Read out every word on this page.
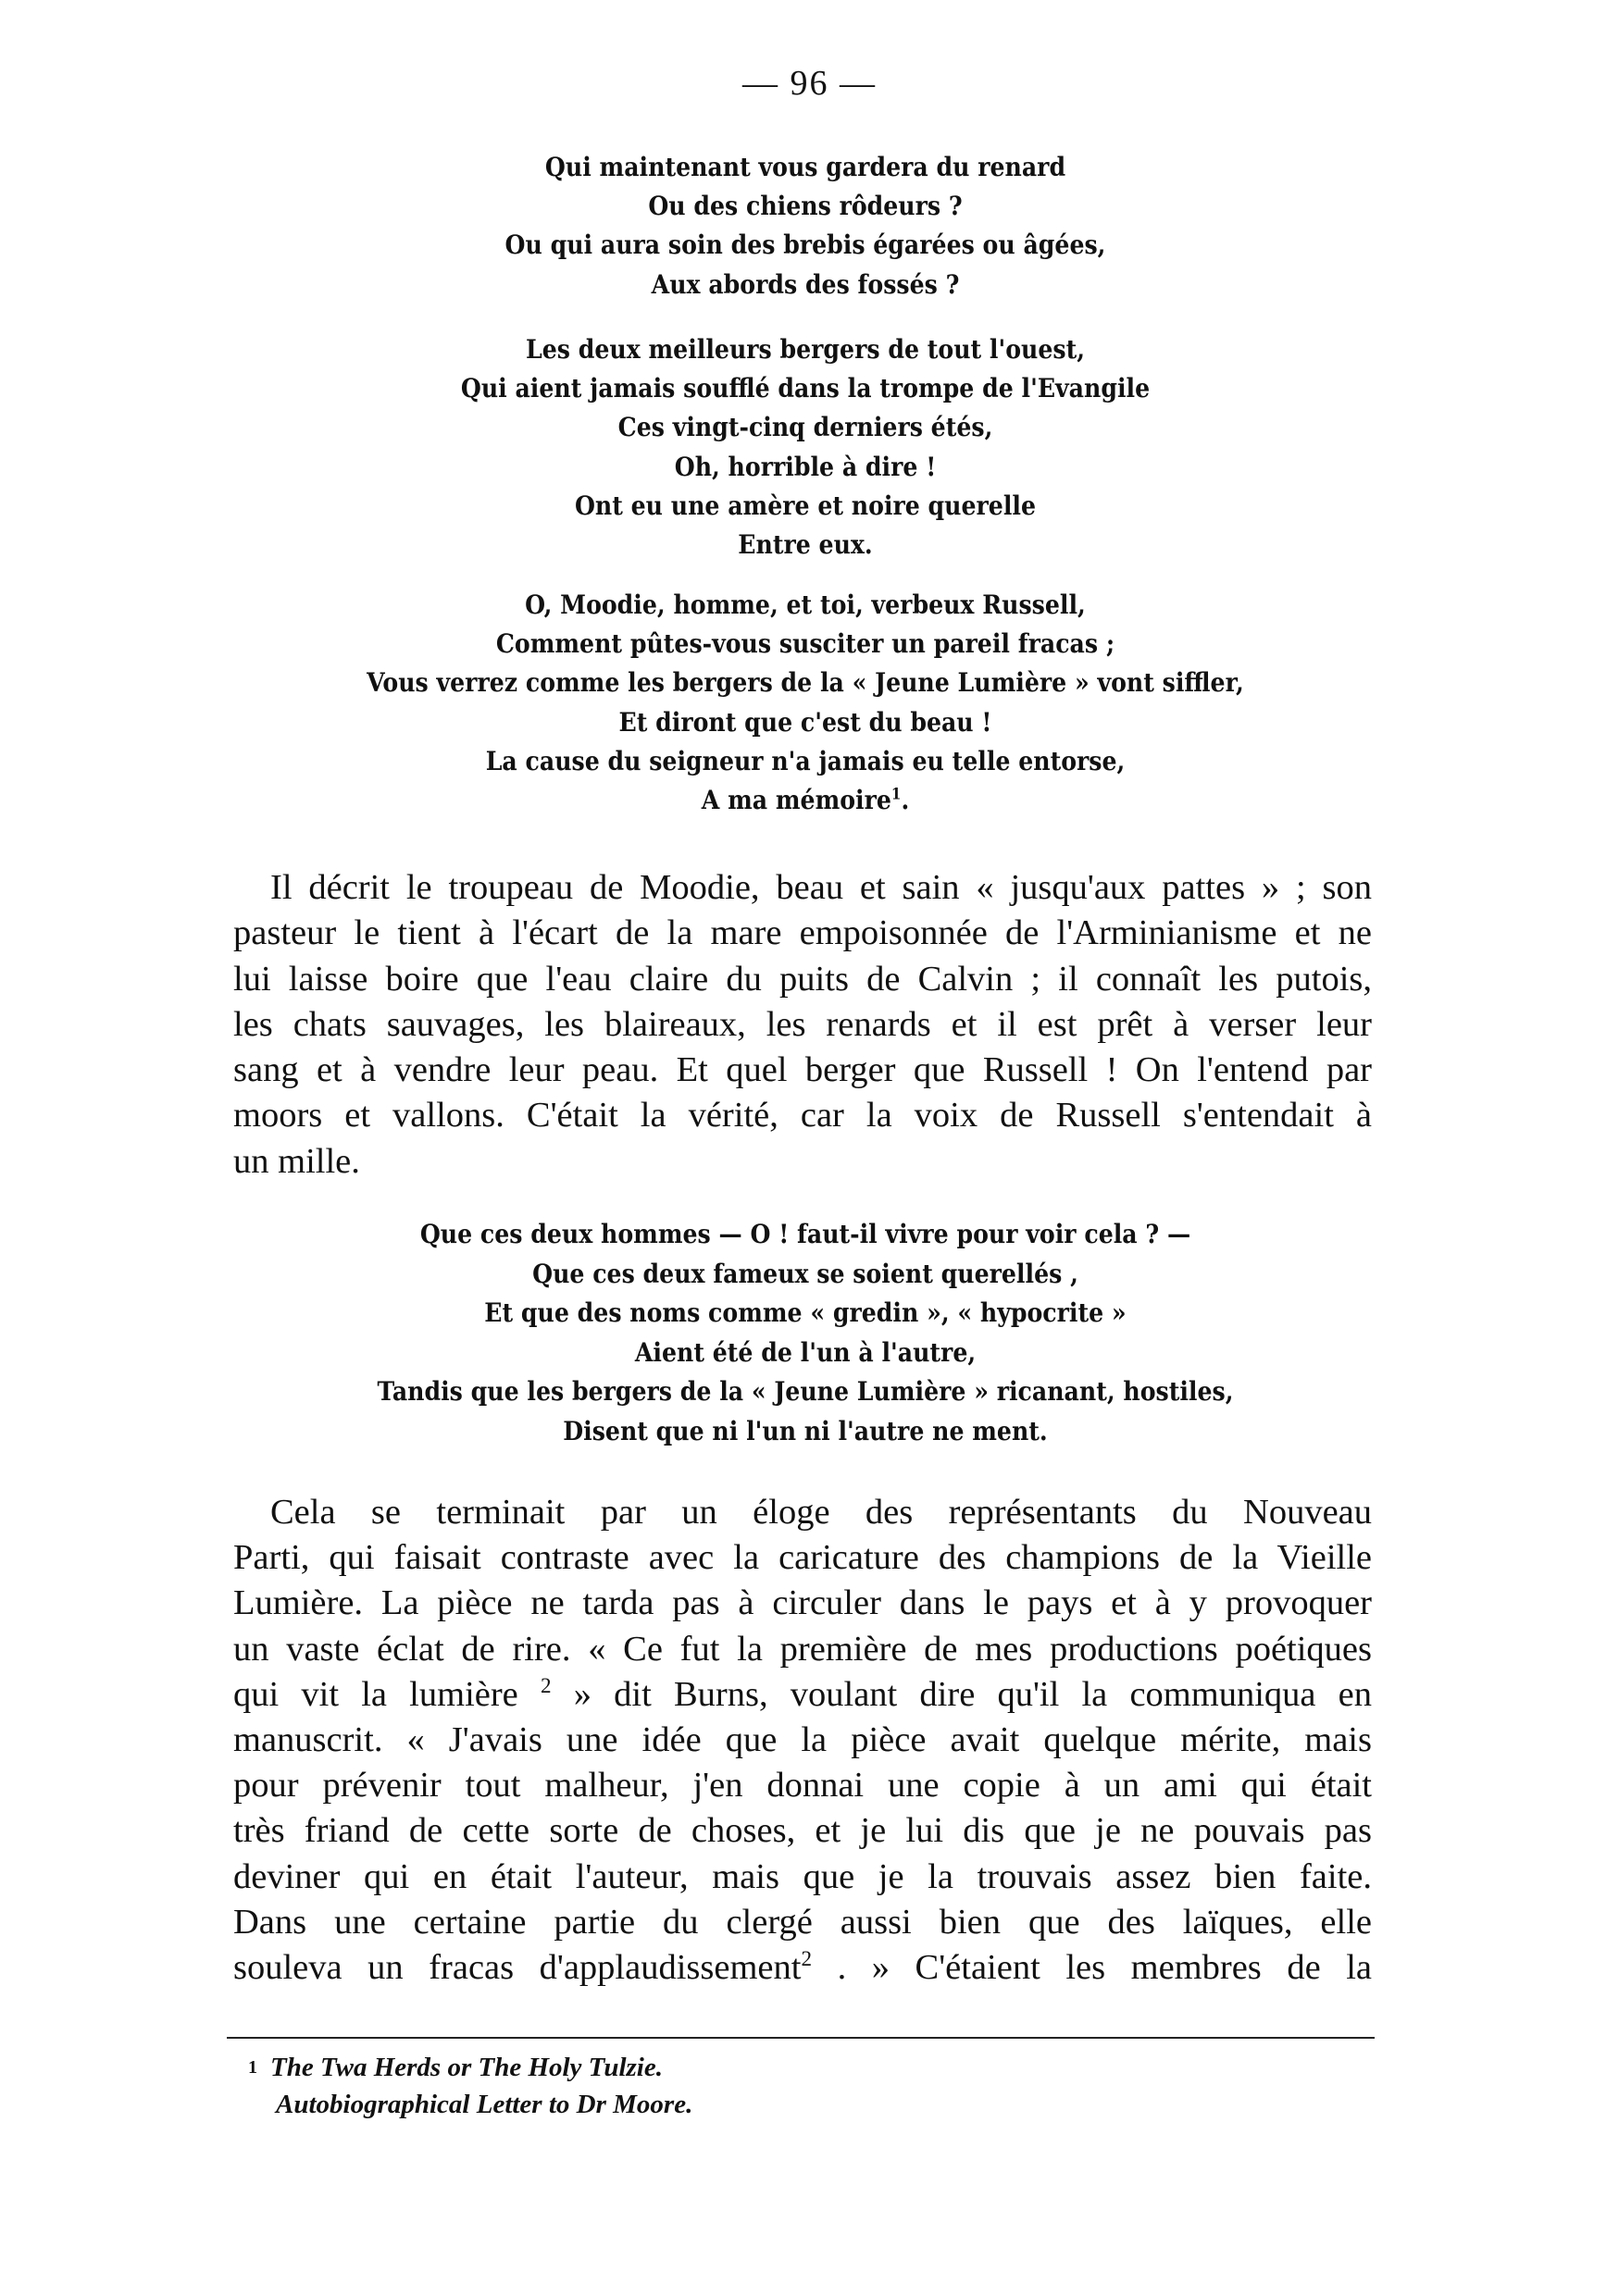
— 96 —
Qui maintenant vous gardera du renard
Ou des chiens rôdeurs ?
Ou qui aura soin des brebis égarées ou âgées,
Aux abords des fossés ?
Les deux meilleurs bergers de tout l'ouest,
Qui aient jamais soufflé dans la trompe de l'Evangile
Ces vingt-cinq derniers étés,
Oh, horrible à dire !
Ont eu une amère et noire querelle
Entre eux.
O, Moodie, homme, et toi, verbeux Russell,
Comment pûtes-vous susciter un pareil fracas ;
Vous verrez comme les bergers de la « Jeune Lumière » vont siffler,
Et diront que c'est du beau !
La cause du seigneur n'a jamais eu telle entorse,
A ma mémoire$^1$.
Il décrit le troupeau de Moodie, beau et sain « jusqu'aux pattes » ; son
pasteur le tient à l'écart de la mare empoisonnée de l'Arminianisme et ne
lui laisse boire que l'eau claire du puits de Calvin ; il connaît les putois,
les chats sauvages, les blaireaux, les renards et il est prêt à verser leur
sang et à vendre leur peau. Et quel berger que Russell ! On l'entend par
moors et vallons. C'était la vérité, car la voix de Russell s'entendait à
un mille.
Que ces deux hommes — O ! faut-il vivre pour voir cela ? —
Que ces deux fameux se soient querellés ,
Et que des noms comme « gredin », « hypocrite »
Aient été de l'un à l'autre,
Tandis que les bergers de la « Jeune Lumière » ricanant, hostiles,
Disent que ni l'un ni l'autre ne ment.
Cela se terminait par un éloge des représentants du Nouveau
Parti, qui faisait contraste avec la caricature des champions de la Vieille
Lumière. La pièce ne tarda pas à circuler dans le pays et à y provoquer
un vaste éclat de rire. « Ce fut la première de mes productions poétiques
qui vit la lumière $^2$ » dit Burns, voulant dire qu'il la communiqua en
manuscrit. « J'avais une idée que la pièce avait quelque mérite, mais
pour prévenir tout malheur, j'en donnai une copie à un ami qui était
très friand de cette sorte de choses, et je lui dis que je ne pouvais pas
deviner qui en était l'auteur, mais que je la trouvais assez bien faite.
Dans une certaine partie du clergé aussi bien que des laïques, elle
souleva un fracas d'applaudissement$^2$ . » C'étaient les membres de la
$^1$ The Twa Herds or The Holy Tulzie.
Autobiographical Letter to Dr Moore.
